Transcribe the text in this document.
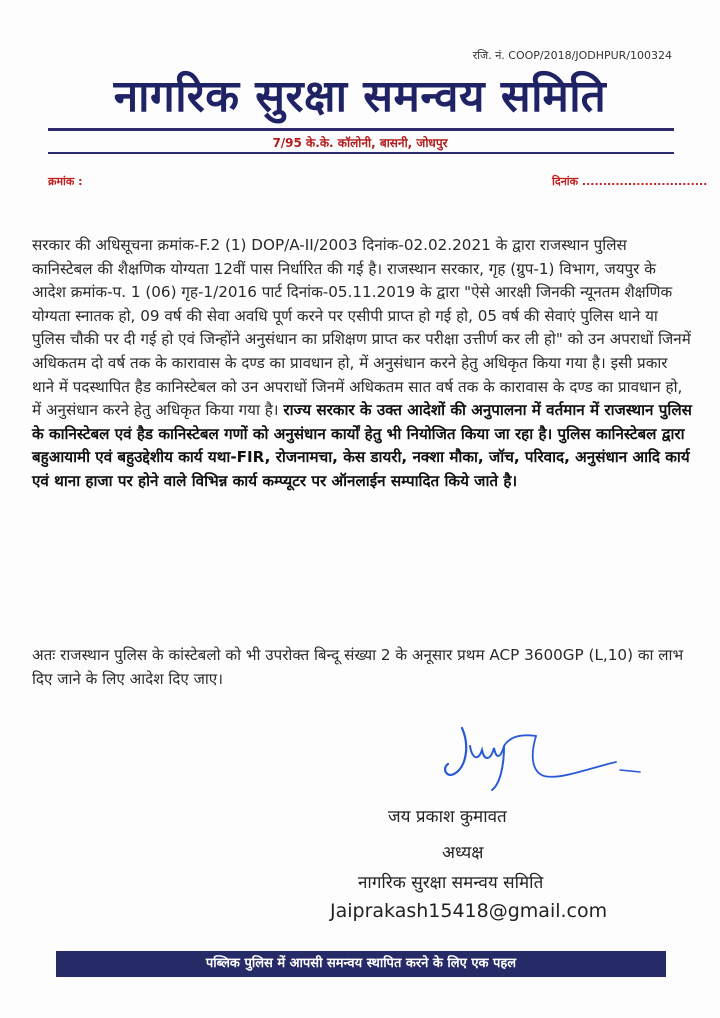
रजि. नं. COOP/2018/JODHPUR/100324
नागरिक सुरक्षा समन्वय समिति
7/95 के.के. कॉलोनी, बासनी, जोधपुर
क्रमांक :	दिनांक ..............................

सरकार की अधिसूचना क्रमांक-F.2 (1) DOP/A-II/2003 दिनांक-02.02.2021 के द्वारा राजस्थान पुलिस कानिस्टेबल की शैक्षणिक योग्यता 12वीं पास निर्धारित की गई है। राजस्थान सरकार, गृह (ग्रुप-1) विभाग, जयपुर के आदेश क्रमांक-प. 1 (06) गृह-1/2016 पार्ट दिनांक-05.11.2019 के द्वारा "ऐसे आरक्षी जिनकी न्यूनतम शैक्षणिक योग्यता स्नातक हो, 09 वर्ष की सेवा अवधि पूर्ण करने पर एसीपी प्राप्त हो गई हो, 05 वर्ष की सेवाएं पुलिस थाने या पुलिस चौकी पर दी गई हो एवं जिन्होंने अनुसंधान का प्रशिक्षण प्राप्त कर परीक्षा उत्तीर्ण कर ली हो" को उन अपराधों जिनमें अधिकतम दो वर्ष तक के कारावास के दण्ड का प्रावधान हो, में अनुसंधान करने हेतु अधिकृत किया गया है। इसी प्रकार थाने में पदस्थापित हैड कानिस्टेबल को उन अपराधों जिनमें अधिकतम सात वर्ष तक के कारावास के दण्ड का प्रावधान हो, में अनुसंधान करने हेतु अधिकृत किया गया है। राज्य सरकार के उक्त आदेशों की अनुपालना में वर्तमान में राजस्थान पुलिस के कानिस्टेबल एवं हैड कानिस्टेबल गणों को अनुसंधान कार्यों हेतु भी नियोजित किया जा रहा है। पुलिस कानिस्टेबल द्वारा बहुआयामी एवं बहुउद्देशीय कार्य यथा-FIR, रोजनामचा, केस डायरी, नक्शा मौका, जॉच, परिवाद, अनुसंधान आदि कार्य एवं थाना हाजा पर होने वाले विभिन्न कार्य कम्प्यूटर पर ऑनलाईन सम्पादित किये जाते है।

अतः राजस्थान पुलिस के कांस्टेबलो को भी उपरोक्त बिन्दू संख्या 2 के अनूसार प्रथम ACP 3600GP (L,10) का लाभ दिए जाने के लिए आदेश दिए जाए।

जय प्रकाश कुमावत
अध्यक्ष
नागरिक सुरक्षा समन्वय समिति
Jaiprakash15418@gmail.com
पब्लिक पुलिस में आपसी समन्वय स्थापित करने के लिए एक पहल
